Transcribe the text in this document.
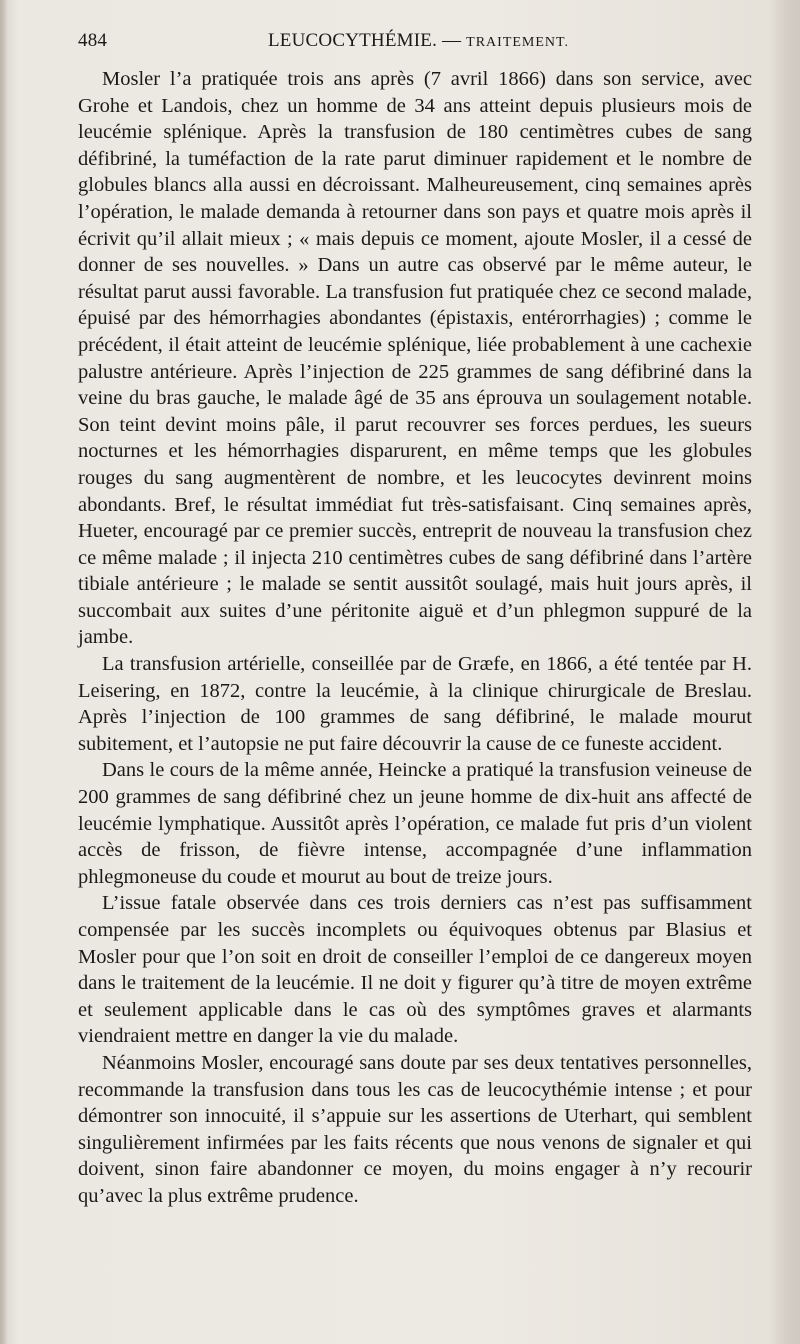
484	LEUCOCYTHÉMIE. — TRAITEMENT.

Mosler l’a pratiquée trois ans après (7 avril 1866) dans son service, avec Grohe et Landois, chez un homme de 34 ans atteint depuis plusieurs mois de leucémie splénique. Après la transfusion de 180 centimètres cubes de sang défibriné, la tuméfaction de la rate parut diminuer rapidement et le nombre de globules blancs alla aussi en décroissant. Malheureusement, cinq semaines après l’opération, le malade demanda à retourner dans son pays et quatre mois après il écrivit qu’il allait mieux ; « mais depuis ce moment, ajoute Mosler, il a cessé de donner de ses nouvelles. » Dans un autre cas observé par le même auteur, le résultat parut aussi favorable. La transfusion fut pratiquée chez ce second malade, épuisé par des hémorrhagies abondantes (épistaxis, entérorrhagies) ; comme le précédent, il était atteint de leucémie splénique, liée probablement à une cachexie palustre antérieure. Après l’injection de 225 grammes de sang défibriné dans la veine du bras gauche, le malade âgé de 35 ans éprouva un soulagement notable. Son teint devint moins pâle, il parut recouvrer ses forces perdues, les sueurs nocturnes et les hémorrhagies disparurent, en même temps que les globules rouges du sang augmentèrent de nombre, et les leucocytes devinrent moins abondants. Bref, le résultat immédiat fut très-satisfaisant. Cinq semaines après, Hueter, encouragé par ce premier succès, entreprit de nouveau la transfusion chez ce même malade ; il injecta 210 centimètres cubes de sang défibriné dans l’artère tibiale antérieure ; le malade se sentit aussitôt soulagé, mais huit jours après, il succombait aux suites d’une péritonite aiguë et d’un phlegmon suppuré de la jambe.

La transfusion artérielle, conseillée par de Græfe, en 1866, a été tentée par H. Leisering, en 1872, contre la leucémie, à la clinique chirurgicale de Breslau. Après l’injection de 100 grammes de sang défibriné, le malade mourut subitement, et l’autopsie ne put faire découvrir la cause de ce funeste accident.

Dans le cours de la même année, Heincke a pratiqué la transfusion veineuse de 200 grammes de sang défibriné chez un jeune homme de dix-huit ans affecté de leucémie lymphatique. Aussitôt après l’opération, ce malade fut pris d’un violent accès de frisson, de fièvre intense, accompagnée d’une inflammation phlegmoneuse du coude et mourut au bout de treize jours.

L’issue fatale observée dans ces trois derniers cas n’est pas suffisamment compensée par les succès incomplets ou équivoques obtenus par Blasius et Mosler pour que l’on soit en droit de conseiller l’emploi de ce dangereux moyen dans le traitement de la leucémie. Il ne doit y figurer qu’à titre de moyen extrême et seulement applicable dans le cas où des symptômes graves et alarmants viendraient mettre en danger la vie du malade.

Néanmoins Mosler, encouragé sans doute par ses deux tentatives personnelles, recommande la transfusion dans tous les cas de leucocythémie intense ; et pour démontrer son innocuité, il s’appuie sur les assertions de Uterhart, qui semblent singulièrement infirmées par les faits récents que nous venons de signaler et qui doivent, sinon faire abandonner ce moyen, du moins engager à n’y recourir qu’avec la plus extrême prudence.
